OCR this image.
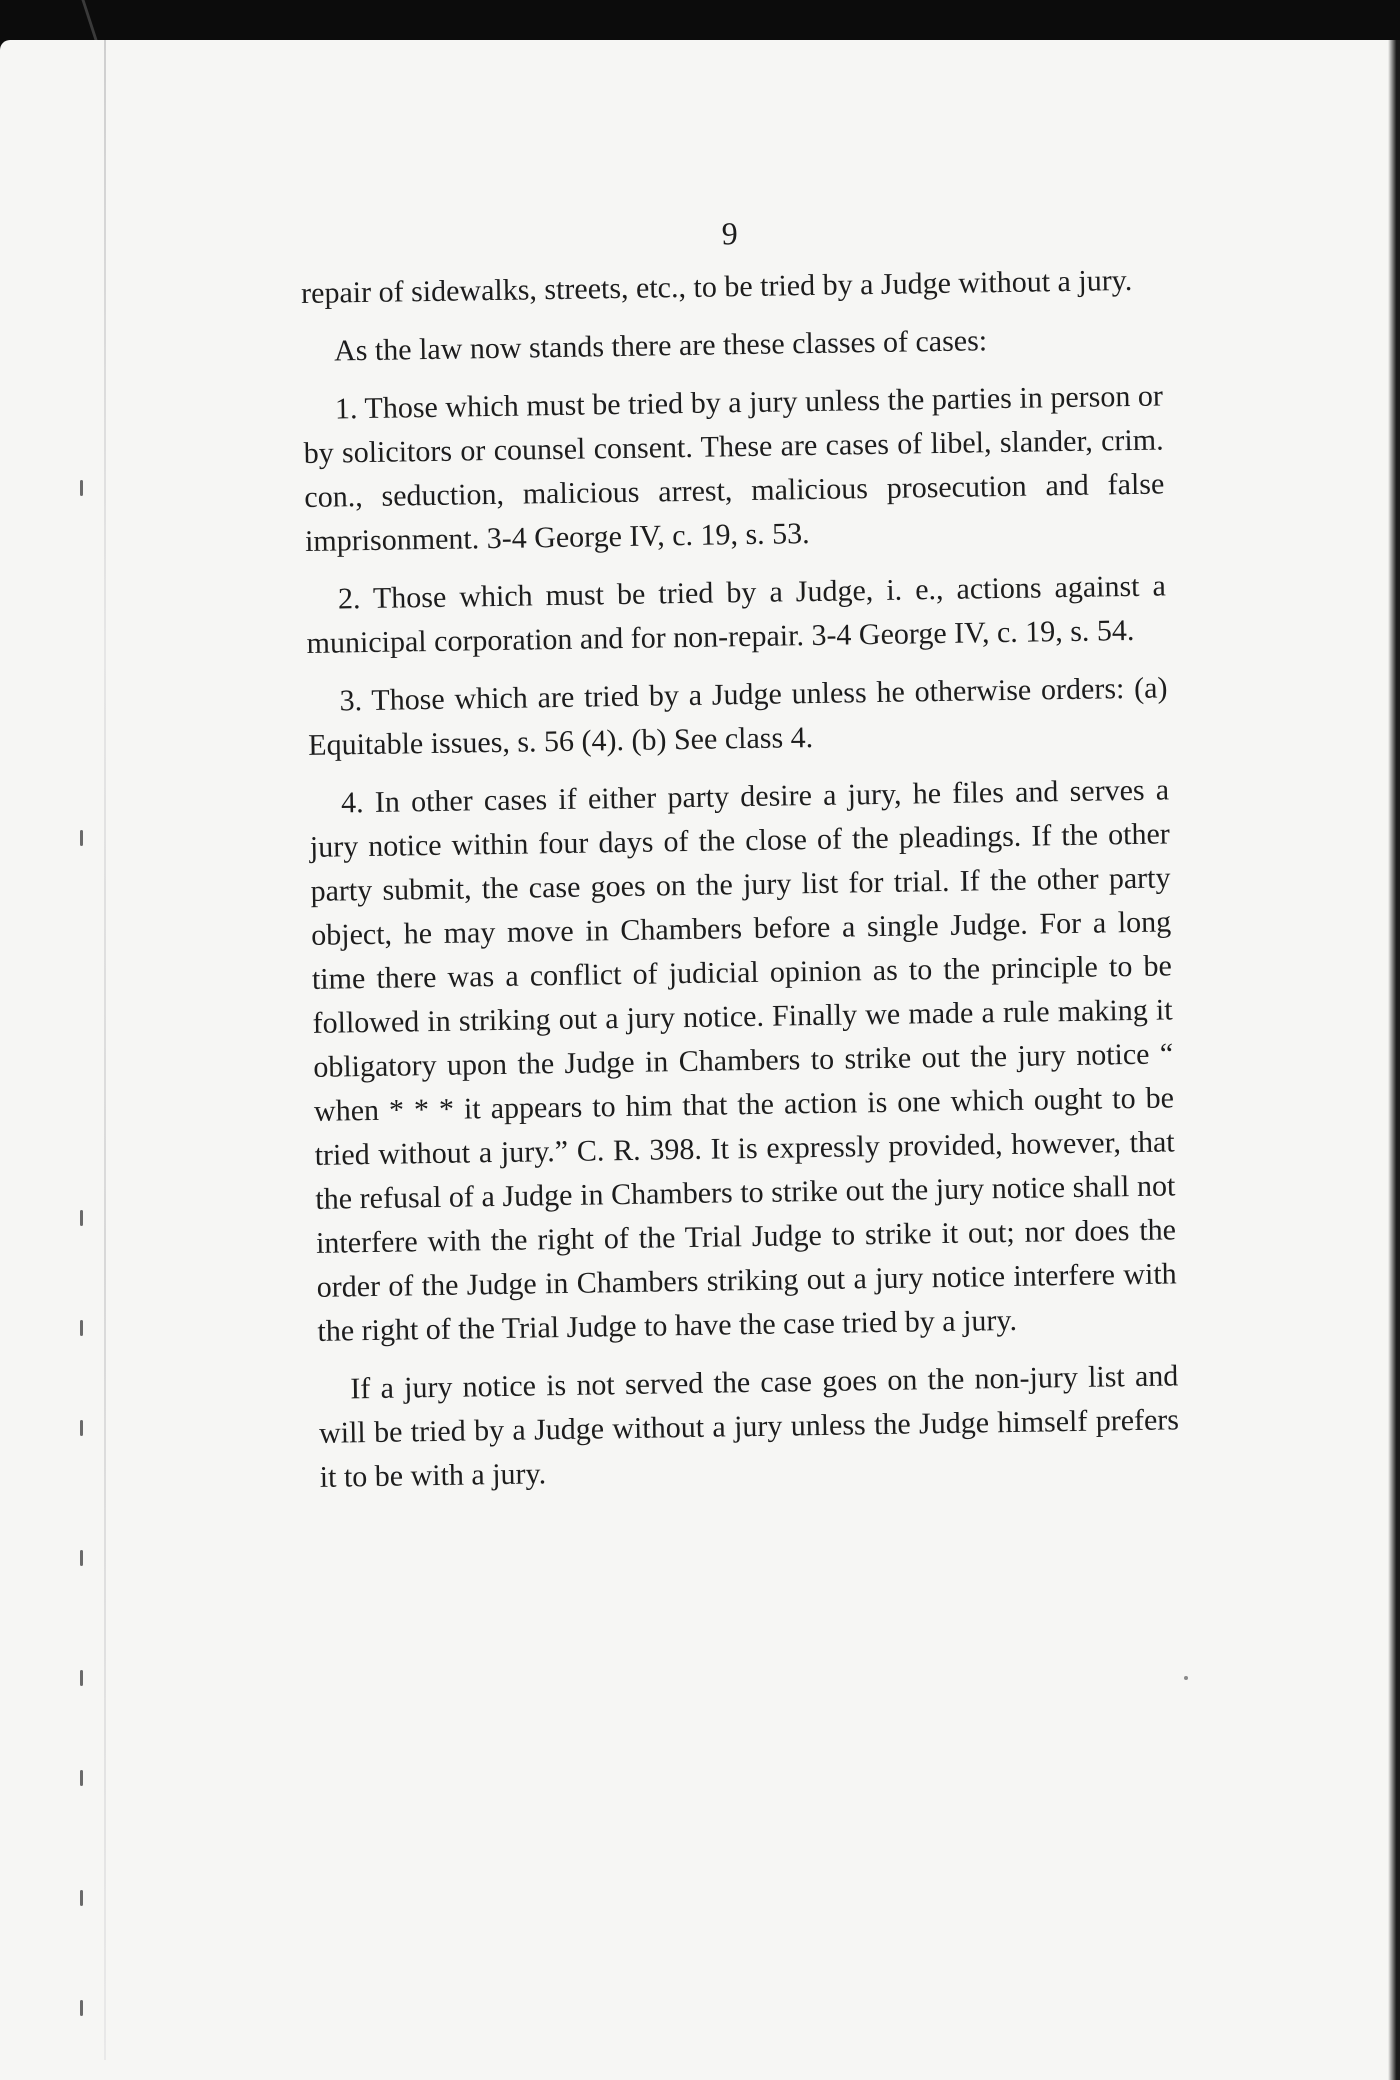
9

repair of sidewalks, streets, etc., to be tried by a Judge without a jury.

As the law now stands there are these classes of cases:

1. Those which must be tried by a jury unless the parties in person or by solicitors or counsel consent. These are cases of libel, slander, crim. con., seduction, malicious arrest, malicious prosecution and false imprisonment. 3-4 George IV, c. 19, s. 53.

2. Those which must be tried by a Judge, i. e., actions against a municipal corporation and for non-repair. 3-4 George IV, c. 19, s. 54.

3. Those which are tried by a Judge unless he otherwise orders: (a) Equitable issues, s. 56 (4). (b) See class 4.

4. In other cases if either party desire a jury, he files and serves a jury notice within four days of the close of the pleadings. If the other party submit, the case goes on the jury list for trial. If the other party object, he may move in Chambers before a single Judge. For a long time there was a conflict of judicial opinion as to the principle to be followed in striking out a jury notice. Finally we made a rule making it obligatory upon the Judge in Chambers to strike out the jury notice “ when * * * it appears to him that the action is one which ought to be tried without a jury.” C. R. 398. It is expressly provided, however, that the refusal of a Judge in Chambers to strike out the jury notice shall not interfere with the right of the Trial Judge to strike it out; nor does the order of the Judge in Chambers striking out a jury notice interfere with the right of the Trial Judge to have the case tried by a jury.

If a jury notice is not served the case goes on the non-jury list and will be tried by a Judge without a jury unless the Judge himself prefers it to be with a jury.
